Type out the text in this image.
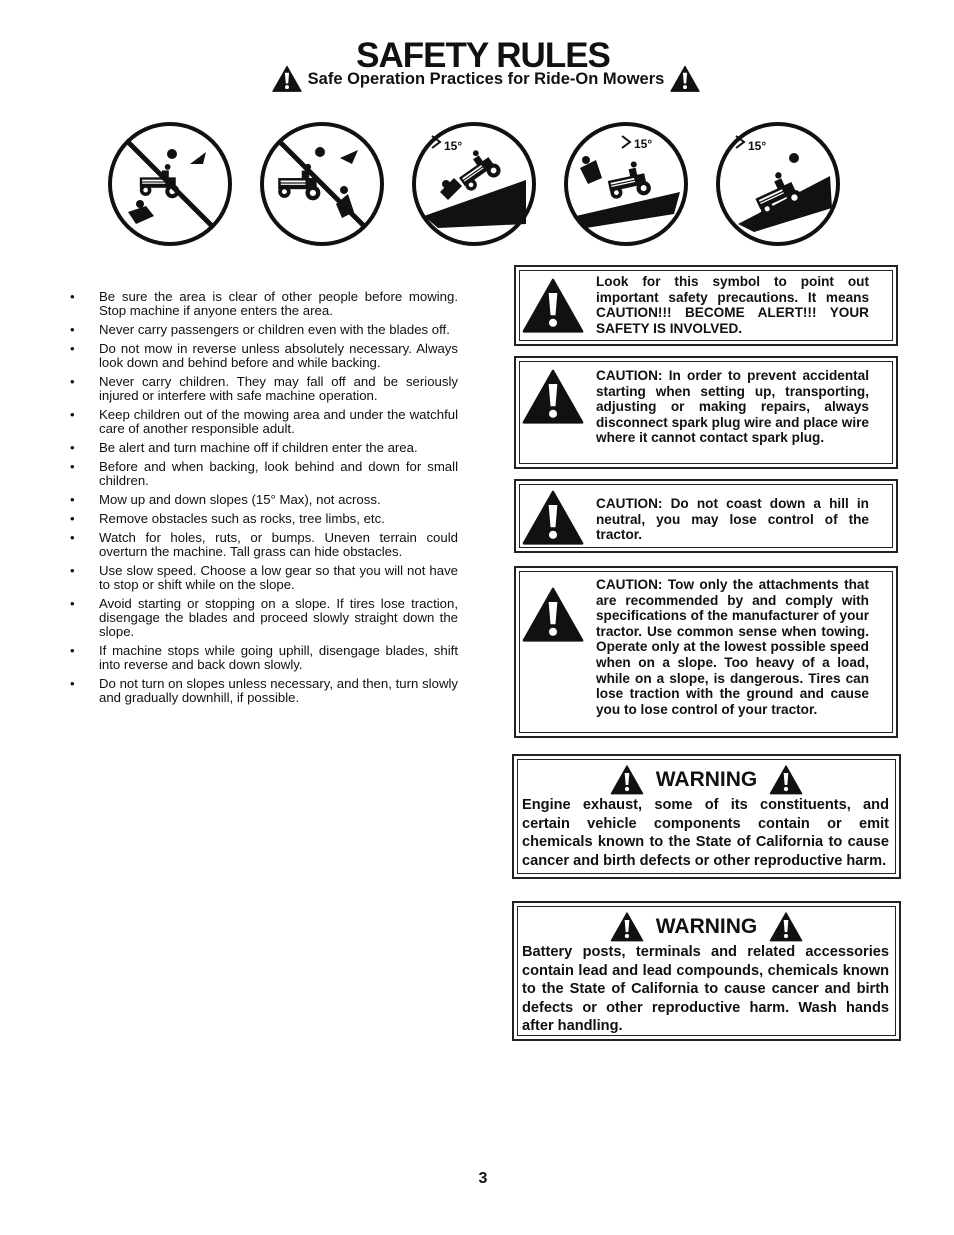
SAFETY RULES
Safe Operation Practices for Ride-On Mowers
15°	15°	15°
• Be sure the area is clear of other people before mowing. Stop machine if anyone enters the area.
• Never carry passengers or children even with the blades off.
• Do not mow in reverse unless absolutely necessary. Always look down and behind before and while backing.
• Never carry children. They may fall off and be seriously injured or interfere with safe machine operation.
• Keep children out of the mowing area and under the watchful care of another responsible adult.
• Be alert and turn machine off if children enter the area.
• Before and when backing, look behind and down for small children.
• Mow up and down slopes (15° Max), not across.
• Remove obstacles such as rocks, tree limbs, etc.
• Watch for holes, ruts, or bumps. Uneven terrain could overturn the machine. Tall grass can hide obstacles.
• Use slow speed. Choose a low gear so that you will not have to stop or shift while on the slope.
• Avoid starting or stopping on a slope. If tires lose traction, disengage the blades and proceed slowly straight down the slope.
• If machine stops while going uphill, disengage blades, shift into reverse and back down slowly.
• Do not turn on slopes unless necessary, and then, turn slowly and gradually downhill, if possible.
Look for this symbol to point out important safety precautions. It means CAUTION!!! BECOME ALERT!!! YOUR SAFETY IS INVOLVED.
CAUTION: In order to prevent accidental starting when setting up, transporting, adjusting or making repairs, always disconnect spark plug wire and place wire where it cannot contact spark plug.
CAUTION: Do not coast down a hill in neutral, you may lose control of the tractor.
CAUTION: Tow only the attachments that are recommended by and comply with specifications of the manufacturer of your tractor. Use common sense when towing. Operate only at the lowest possible speed when on a slope. Too heavy of a load, while on a slope, is dangerous. Tires can lose traction with the ground and cause you to lose control of your tractor.
WARNING
Engine exhaust, some of its constituents, and certain vehicle components contain or emit chemicals known to the State of California to cause cancer and birth defects or other reproductive harm.
WARNING
Battery posts, terminals and related accessories contain lead and lead compounds, chemicals known to the State of California to cause cancer and birth defects or other reproductive harm. Wash hands after handling.
3
